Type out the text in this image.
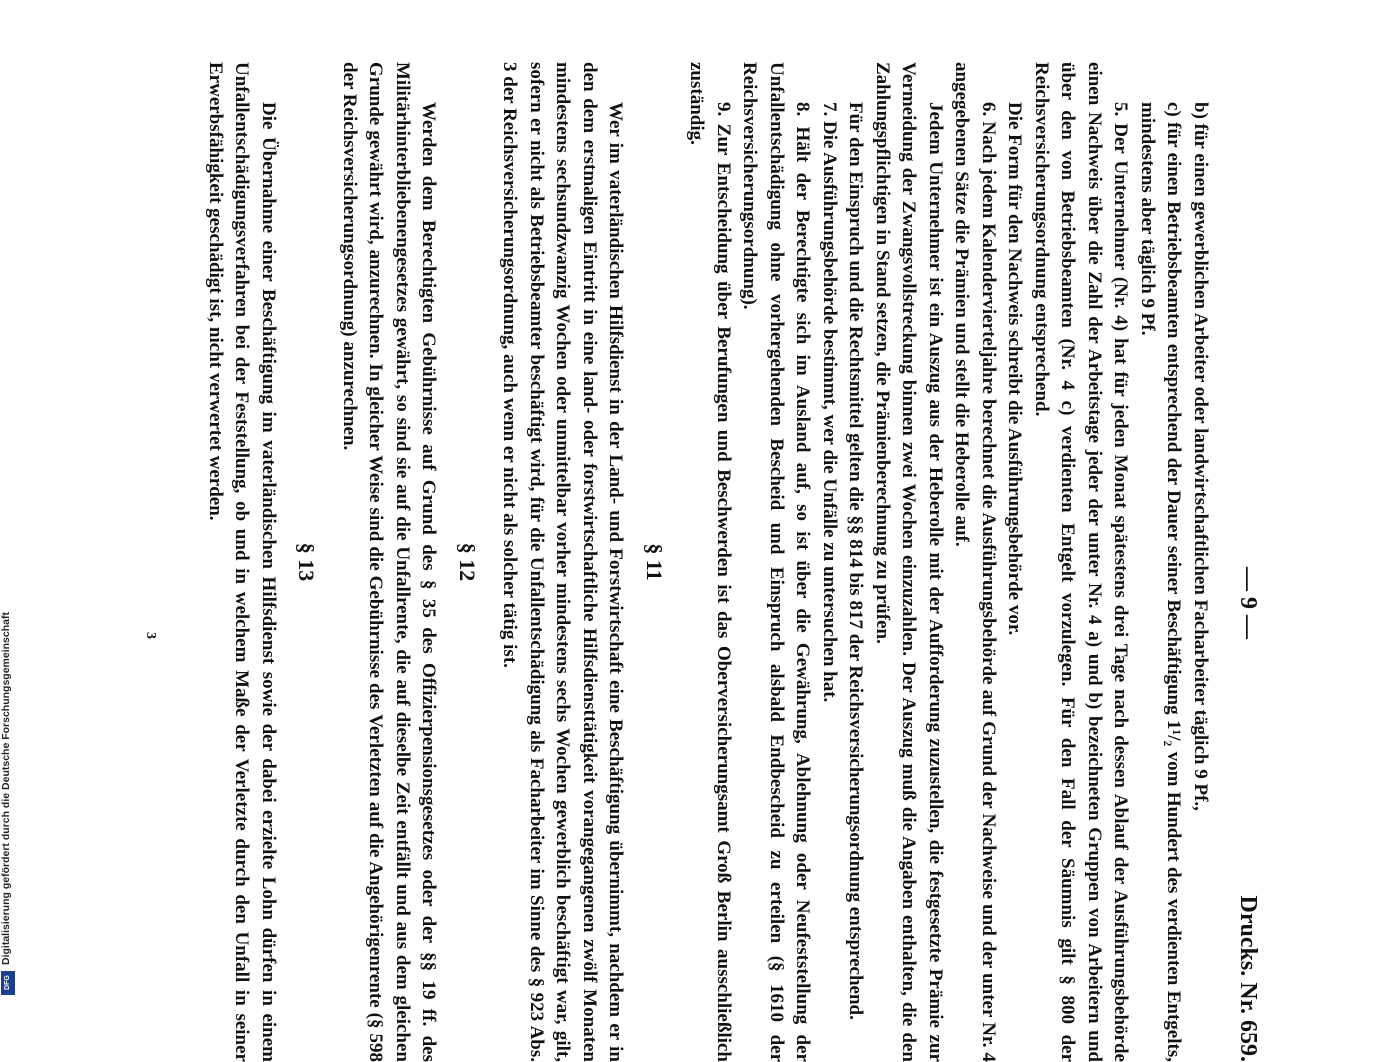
— 9 —
Drucks. Nr. 659.

b) für einen gewerblichen Arbeiter oder landwirtschaftlichen Facharbeiter täglich 9 Pf.,

c) für einen Betriebsbeamten entsprechend der Dauer seiner Beschäftigung 1¹/₂ vom Hundert des verdienten Entgelts, mindestens aber täglich 9 Pf.

5. Der Unternehmer (Nr. 4) hat für jeden Monat spätestens drei Tage nach dessen Ablauf der Ausführungsbehörde einen Nachweis über die Zahl der Arbeitstage jeder der unter Nr. 4 a) und b) bezeichneten Gruppen von Arbeitern und über den von Betriebsbeamten (Nr. 4 c) verdienten Entgelt vorzulegen. Für den Fall der Säumnis gilt § 800 der Reichsversicherungsordnung entsprechend.

Die Form für den Nachweis schreibt die Ausführungsbehörde vor.

6. Nach jedem Kalendervierteljahre berechnet die Ausführungsbehörde auf Grund der Nachweise und der unter Nr. 4 angegebenen Sätze die Prämien und stellt die Heberolle auf.

Jedem Unternehmer ist ein Auszug aus der Heberolle mit der Aufforderung zuzustellen, die festgesetzte Prämie zur Vermeidung der Zwangsvollstreckung binnen zwei Wochen einzuzahlen. Der Auszug muß die Angaben enthalten, die den Zahlungspflichtigen in Stand setzen, die Prämienberechnung zu prüfen.

Für den Einspruch und die Rechtsmittel gelten die §§ 814 bis 817 der Reichsversicherungsordnung entsprechend.

7. Die Ausführungsbehörde bestimmt, wer die Unfälle zu untersuchen hat.

8. Hält der Berechtigte sich im Ausland auf, so ist über die Gewährung, Ablehnung oder Neufeststellung der Unfallentschädigung ohne vorhergehenden Bescheid und Einspruch alsbald Endbescheid zu erteilen (§ 1610 der Reichsversicherungsordnung).

9. Zur Entscheidung über Berufungen und Beschwerden ist das Oberversicherungsamt Groß Berlin ausschließlich zuständig.

§ 11

Wer im vaterländischen Hilfsdienst in der Land- und Forstwirtschaft eine Beschäftigung übernimmt, nachdem er in den dem erstmaligen Eintritt in eine land- oder forstwirtschaftliche Hilfsdiensttätigkeit vorangegangenen zwölf Monaten mindestens sechsundzwanzig Wochen oder unmittelbar vorher mindestens sechs Wochen gewerblich beschäftigt war, gilt, sofern er nicht als Betriebsbeamter beschäftigt wird, für die Unfallentschädigung als Facharbeiter im Sinne des § 923 Abs. 3 der Reichsversicherungsordnung, auch wenn er nicht als solcher tätig ist.

§ 12

Werden dem Berechtigten Gebührnisse auf Grund des § 35 des Offizierpensionsgesetzes oder der §§ 19 ff. des Militärhinterbliebenengesetzes gewährt, so sind sie auf die Unfallrente, die auf dieselbe Zeit entfällt und aus dem gleichen Grunde gewährt wird, anzurechnen. In gleicher Weise sind die Gebührnisse des Verletzten auf die Angehörigenrente (§ 598 der Reichsversicherungsordnung) anzurechnen.

§ 13

Die Übernahme einer Beschäftigung im vaterländischen Hilfsdienst sowie der dabei erzielte Lohn dürfen in einem Unfallentschädigungsverfahren bei der Feststellung, ob und in welchem Maße der Verletzte durch den Unfall in seiner Erwerbsfähigkeit geschädigt ist, nicht verwertet werden.

3
Digitalisierung gefördert durch die Deutsche Forschungsgemeinschaft
DFG
